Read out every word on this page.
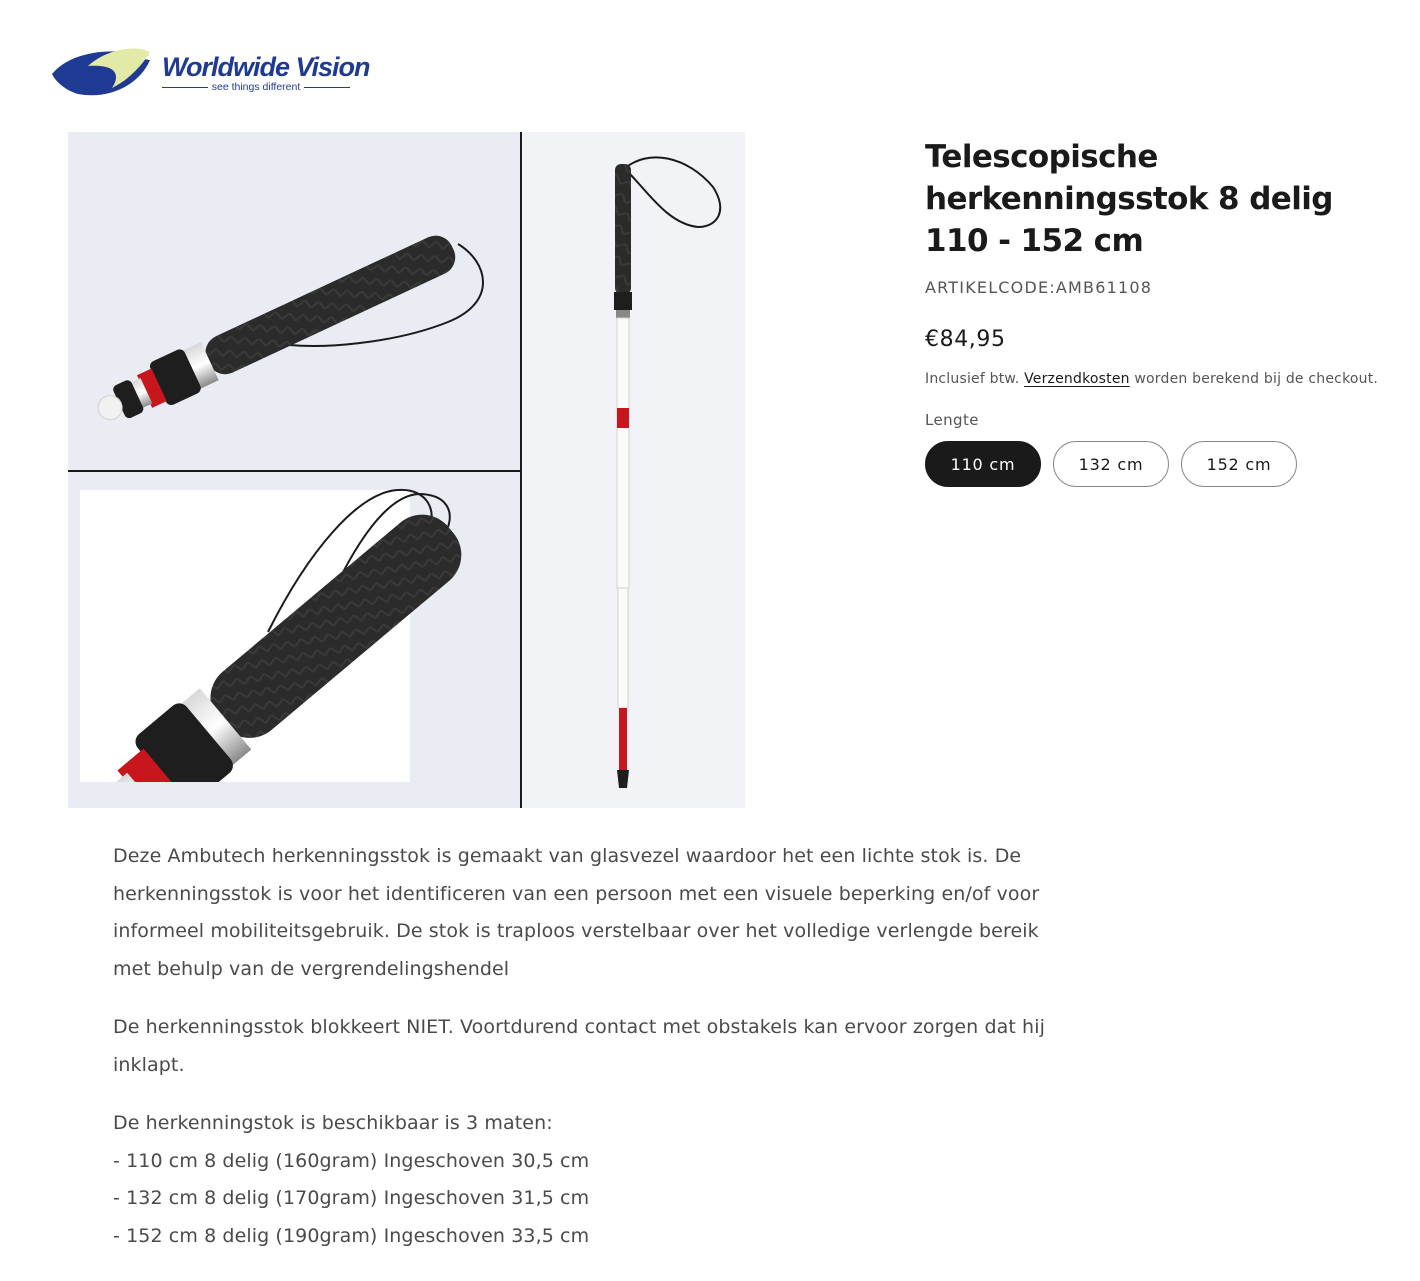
Worldwide Vision
see things different
Telescopische herkenningsstok 8 delig 110 - 152 cm
ARTIKELCODE:AMB61108
€84,95
Inclusief btw. Verzendkosten worden berekend bij de checkout.
Lengte
110 cm	132 cm	152 cm

Deze Ambutech herkenningsstok is gemaakt van glasvezel waardoor het een lichte stok is. De herkenningsstok is voor het identificeren van een persoon met een visuele beperking en/of voor informeel mobiliteitsgebruik. De stok is traploos verstelbaar over het volledige verlengde bereik met behulp van de vergrendelingshendel

De herkenningsstok blokkeert NIET. Voortdurend contact met obstakels kan ervoor zorgen dat hij inklapt.

De herkenningstok is beschikbaar is 3 maten:
- 110 cm 8 delig (160gram) Ingeschoven 30,5 cm
- 132 cm 8 delig (170gram) Ingeschoven 31,5 cm
- 152 cm 8 delig (190gram) Ingeschoven 33,5 cm
